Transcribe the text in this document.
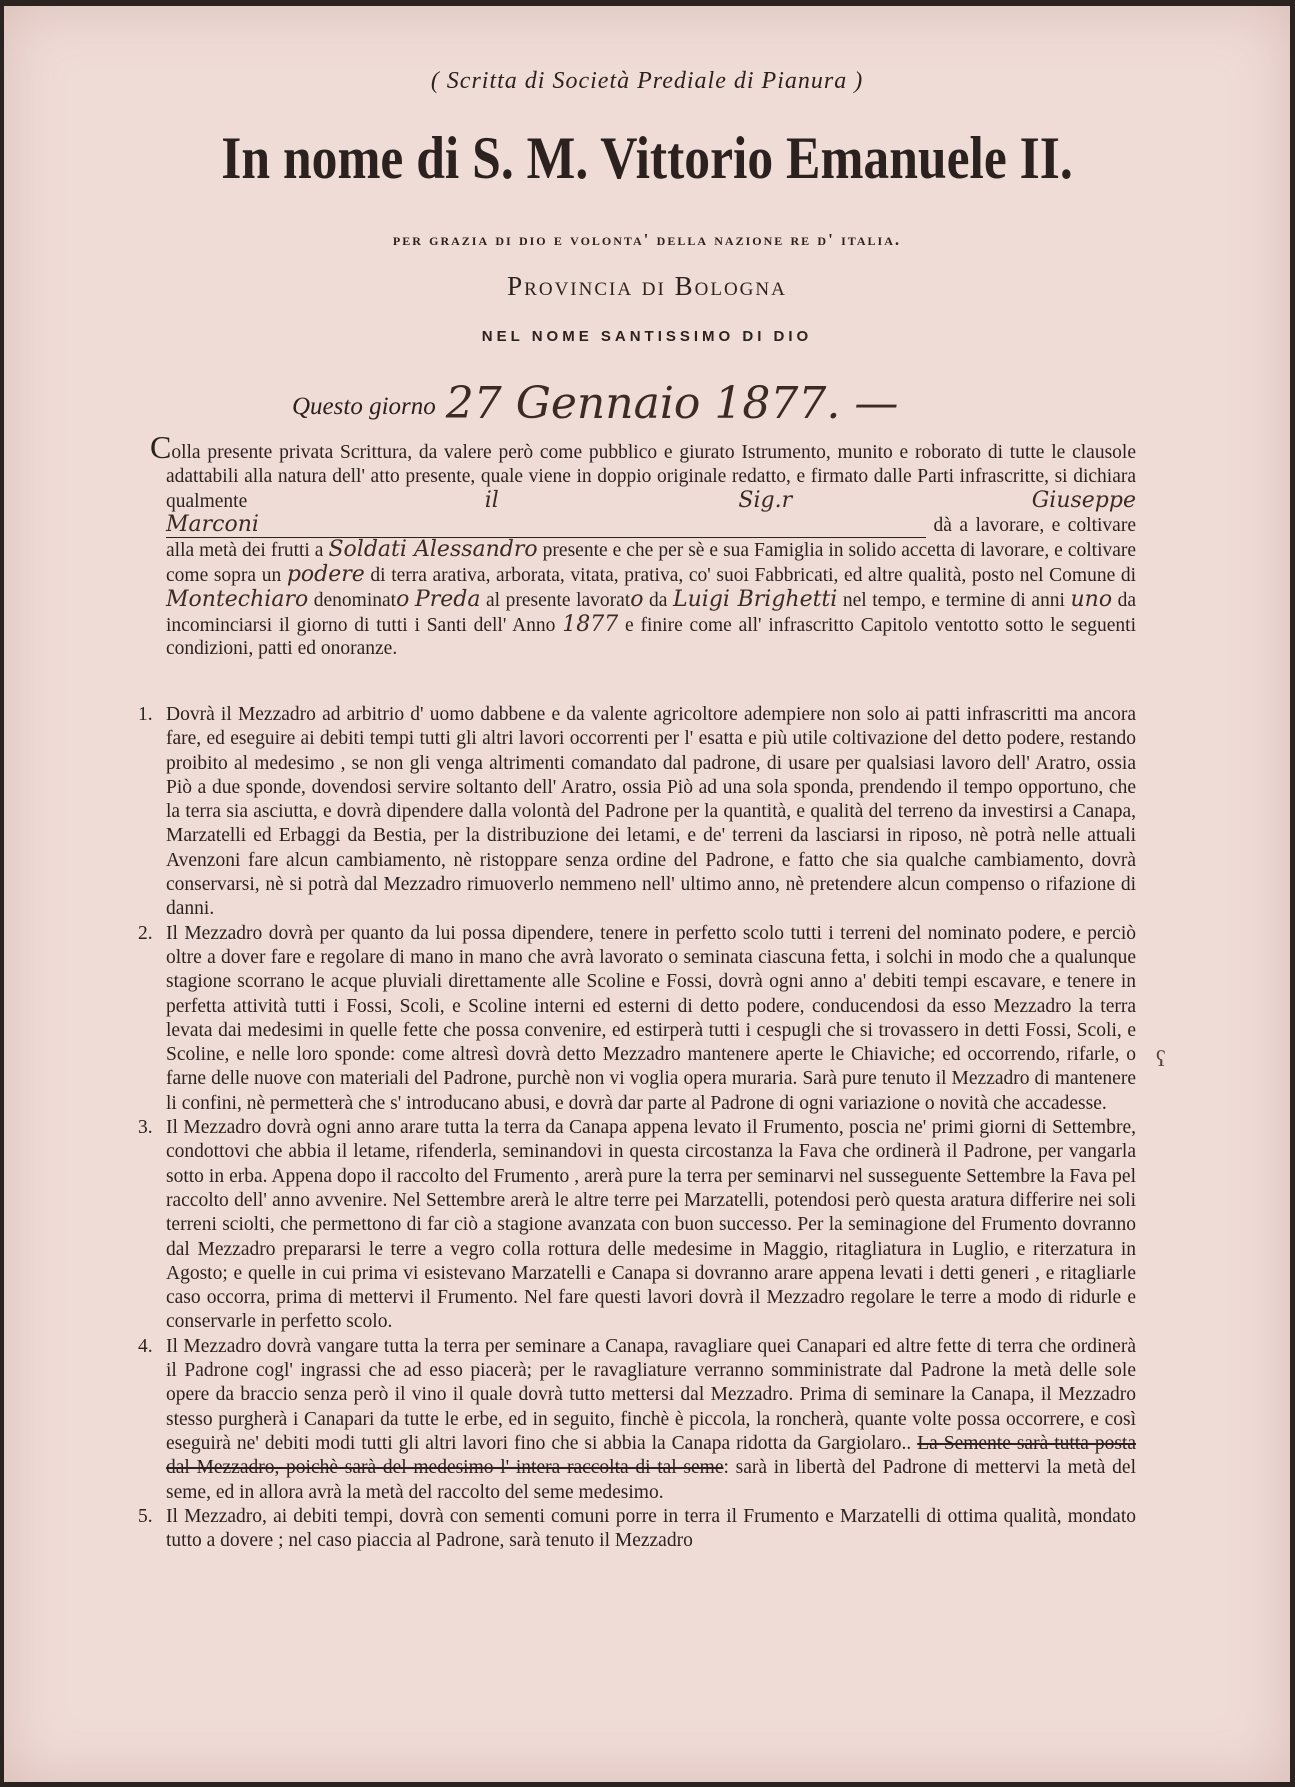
( Scritta di Società Prediale di Pianura )
In nome di S. M. Vittorio Emanuele II.
per grazia di dio e volonta' della nazione re d' italia.
Provincia di Bologna
NEL NOME SANTISSIMO DI DIO
Questo giorno 27 Gennaio 1877. —

Colla presente privata Scrittura, da valere però come pubblico e giurato Istrumento, munito e roborato di tutte le clausole adattabili alla natura dell' atto presente, quale viene in doppio originale redatto, e firmato dalle Parti infrascritte, si dichiara qualmente	il Sig.r Giuseppe Marconi	dà a lavorare, e coltivare alla metà dei frutti a Soldati Alessandro presente e che per sè e sua Famiglia in solido accetta di lavorare, e coltivare come sopra un podere di terra arativa, arborata, vitata, prativa, co' suoi Fabbricati, ed altre qualità, posto nel Comune di Montechiaro denominato Preda al presente lavorato da Luigi Brighetti nel tempo, e termine di anni uno da incominciarsi il giorno di tutti i Santi dell' Anno 1877 e finire come all' infrascritto Capitolo ventotto sotto le seguenti condizioni, patti ed onoranze.

1. Dovrà il Mezzadro ad arbitrio d' uomo dabbene e da valente agricoltore adempiere non solo ai patti infrascritti ma ancora fare, ed eseguire ai debiti tempi tutti gli altri lavori occorrenti per l' esatta e più utile coltivazione del detto podere, restando proibito al medesimo , se non gli venga altrimenti comandato dal padrone, di usare per qualsiasi lavoro dell' Aratro, ossia Piò a due sponde, dovendosi servire soltanto dell' Aratro, ossia Piò ad una sola sponda, prendendo il tempo opportuno, che la terra sia asciutta, e dovrà dipendere dalla volontà del Padrone per la quantità, e qualità del terreno da investirsi a Canapa, Marzatelli ed Erbaggi da Bestia, per la distribuzione dei letami, e de' terreni da lasciarsi in riposo, nè potrà nelle attuali Avenzoni fare alcun cambiamento, nè ristoppare senza ordine del Padrone, e fatto che sia qualche cambiamento, dovrà conservarsi, nè si potrà dal Mezzadro rimuoverlo nemmeno nell' ultimo anno, nè pretendere alcun compenso o rifazione di danni.

2. Il Mezzadro dovrà per quanto da lui possa dipendere, tenere in perfetto scolo tutti i terreni del nominato podere, e perciò oltre a dover fare e regolare di mano in mano che avrà lavorato o seminata ciascuna fetta, i solchi in modo che a qualunque stagione scorrano le acque pluviali direttamente alle Scoline e Fossi, dovrà ogni anno a' debiti tempi escavare, e tenere in perfetta attività tutti i Fossi, Scoli, e Scoline interni ed esterni di detto podere, conducendosi da esso Mezzadro la terra levata dai medesimi in quelle fette che possa convenire, ed estirperà tutti i cespugli che si trovassero in detti Fossi, Scoli, e Scoline, e nelle loro sponde: come altresì dovrà detto Mezzadro mantenere aperte le Chiaviche; ed occorrendo, rifarle, o farne delle nuove con materiali del Padrone, purchè non vi voglia opera muraria. Sarà pure tenuto il Mezzadro di mantenere li confini, nè permetterà che s' introducano abusi, e dovrà dar parte al Padrone di ogni variazione o novità che accadesse.

3. Il Mezzadro dovrà ogni anno arare tutta la terra da Canapa appena levato il Frumento, poscia ne' primi giorni di Settembre, condottovi che abbia il letame, rifenderla, seminandovi in questa circostanza la Fava che ordinerà il Padrone, per vangarla sotto in erba. Appena dopo il raccolto del Frumento , arerà pure la terra per seminarvi nel susseguente Settembre la Fava pel raccolto dell' anno avvenire. Nel Settembre arerà le altre terre pei Marzatelli, potendosi però questa aratura differire nei soli terreni sciolti, che permettono di far ciò a stagione avanzata con buon successo. Per la seminagione del Frumento dovranno dal Mezzadro prepararsi le terre a vegro colla rottura delle medesime in Maggio, ritagliatura in Luglio, e riterzatura in Agosto; e quelle in cui prima vi esistevano Marzatelli e Canapa si dovranno arare appena levati i detti generi , e ritagliarle caso occorra, prima di mettervi il Frumento. Nel fare questi lavori dovrà il Mezzadro regolare le terre a modo di ridurle e conservarle in perfetto scolo.

4. Il Mezzadro dovrà vangare tutta la terra per seminare a Canapa, ravagliare quei Canapari ed altre fette di terra che ordinerà il Padrone cogl' ingrassi che ad esso piacerà; per le ravagliature verranno somministrate dal Padrone la metà delle sole opere da braccio senza però il vino il quale dovrà tutto mettersi dal Mezzadro. Prima di seminare la Canapa, il Mezzadro stesso purgherà i Canapari da tutte le erbe, ed in seguito, finchè è piccola, la roncherà, quante volte possa occorrere, e così eseguirà ne' debiti modi tutti gli altri lavori fino che si abbia la Canapa ridotta da Gargiolaro.. La Semente sarà tutta posta dal Mezzadro, poichè sarà del medesimo l' intera raccolta di tal seme: sarà in libertà del Padrone di mettervi la metà del seme, ed in allora avrà la metà del raccolto del seme medesimo.

5. Il Mezzadro, ai debiti tempi, dovrà con sementi comuni porre in terra il Frumento e Marzatelli di ottima qualità, mondato tutto a dovere ; nel caso piaccia al Padrone, sarà tenuto il Mezzadro

ʕ
